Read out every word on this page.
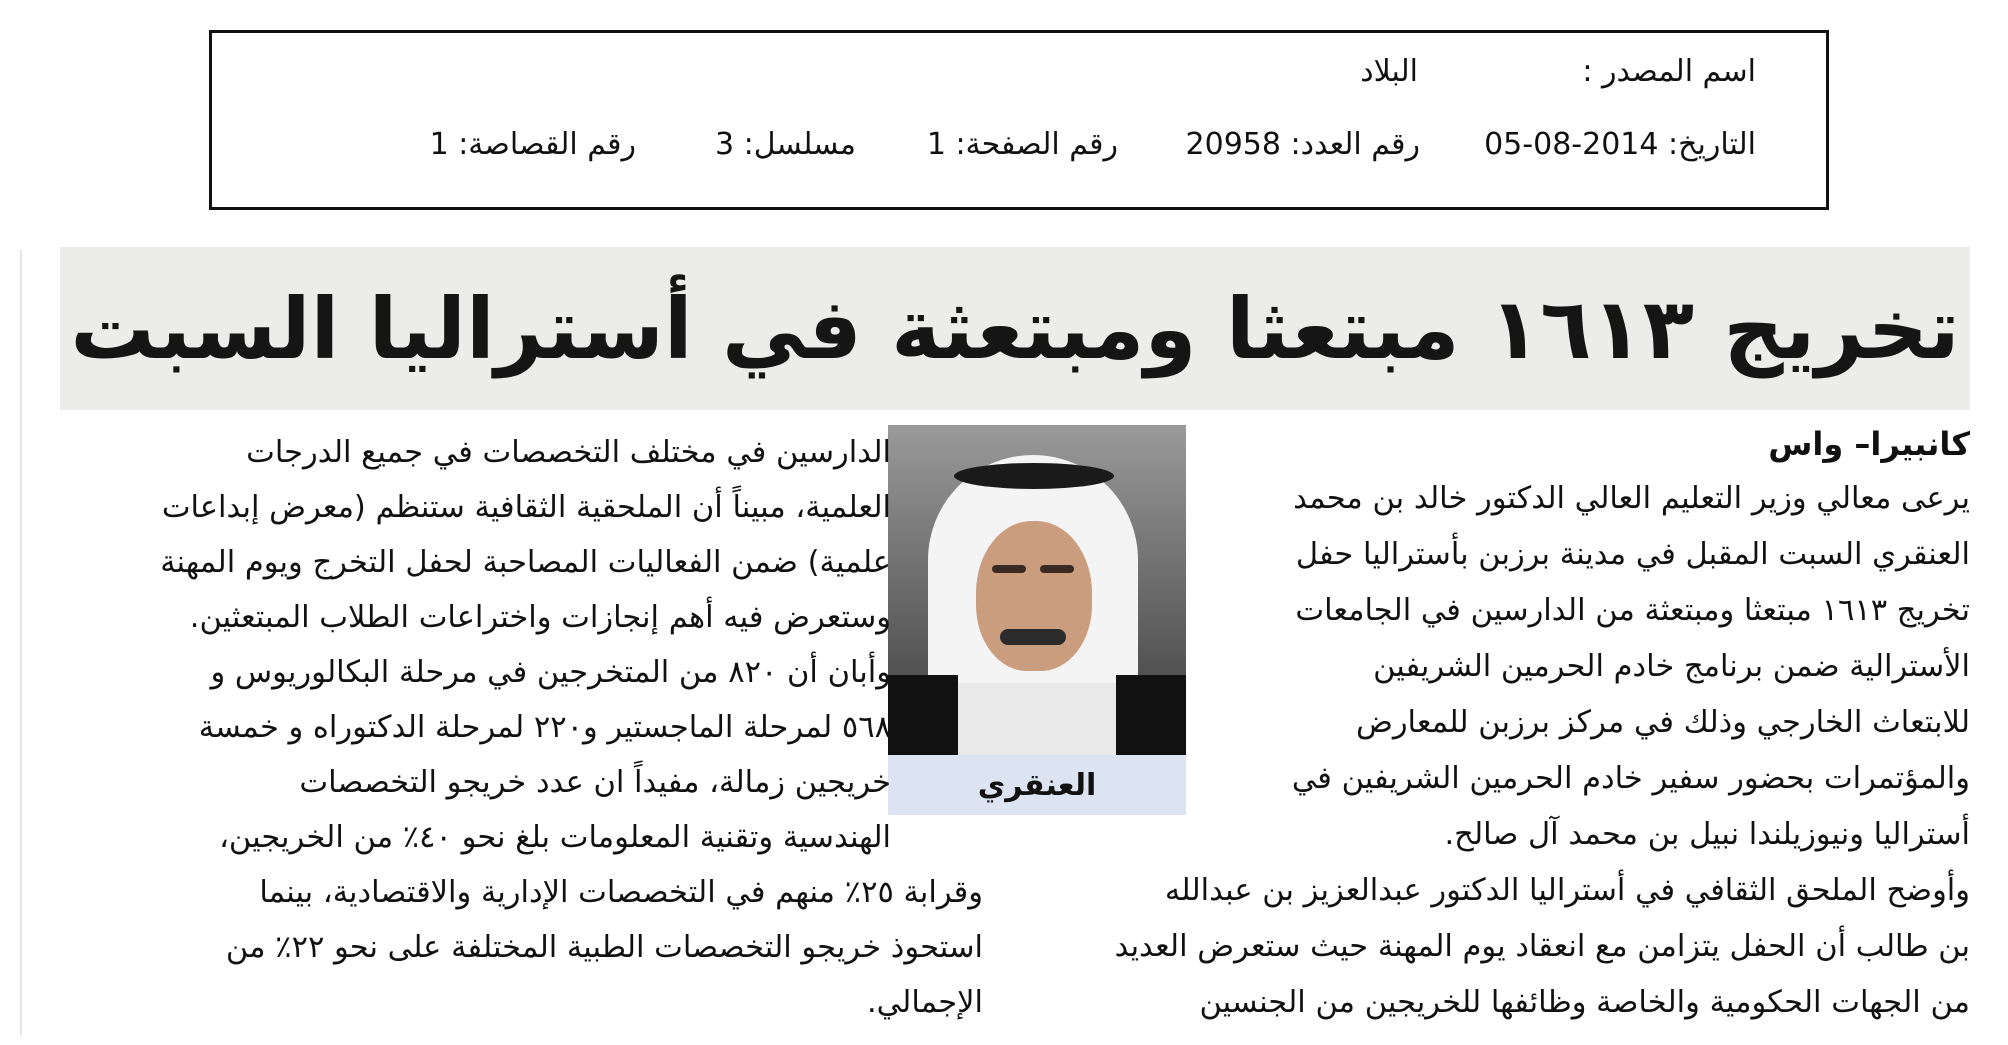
اسم المصدر :
البلاد
التاريخ: 2014-08-05
رقم العدد: 20958
رقم الصفحة: 1
مسلسل: 3
رقم القصاصة: 1
تخريج ١٦١٣ مبتعثا ومبتعثة في أستراليا السبت
كانبيرا– واس
يرعى معالي وزير التعليم العالي الدكتور خالد بن محمد
العنقري السبت المقبل في مدينة برزبن بأستراليا حفل
تخريج ١٦١٣ مبتعثا ومبتعثة من الدارسين في الجامعات
الأسترالية ضمن برنامج خادم الحرمين الشريفين
للابتعاث الخارجي وذلك في مركز برزبن للمعارض
والمؤتمرات بحضور سفير خادم الحرمين الشريفين في
أستراليا ونيوزيلندا نبيل بن محمد آل صالح.
وأوضح الملحق الثقافي في أستراليا الدكتور عبدالعزيز بن عبدالله
بن طالب أن الحفل يتزامن مع انعقاد يوم المهنة حيث ستعرض العديد
من الجهات الحكومية والخاصة وظائفها للخريجين من الجنسين
العنقري
الدارسين في مختلف التخصصات في جميع الدرجات
العلمية، مبيناً أن الملحقية الثقافية ستنظم (معرض إبداعات
علمية) ضمن الفعاليات المصاحبة لحفل التخرج ويوم المهنة
وستعرض فيه أهم إنجازات واختراعات الطلاب المبتعثين.
وأبان أن ٨٢٠ من المتخرجين في مرحلة البكالوريوس و
٥٦٨ لمرحلة الماجستير و٢٢٠ لمرحلة الدكتوراه و خمسة
خريجين زمالة، مفيداً ان عدد خريجو التخصصات
الهندسية وتقنية المعلومات بلغ نحو ٤٠٪ من الخريجين،
وقرابة ٢٥٪ منهم في التخصصات الإدارية والاقتصادية، بينما
استحوذ خريجو التخصصات الطبية المختلفة على نحو ٢٢٪ من
الإجمالي.
